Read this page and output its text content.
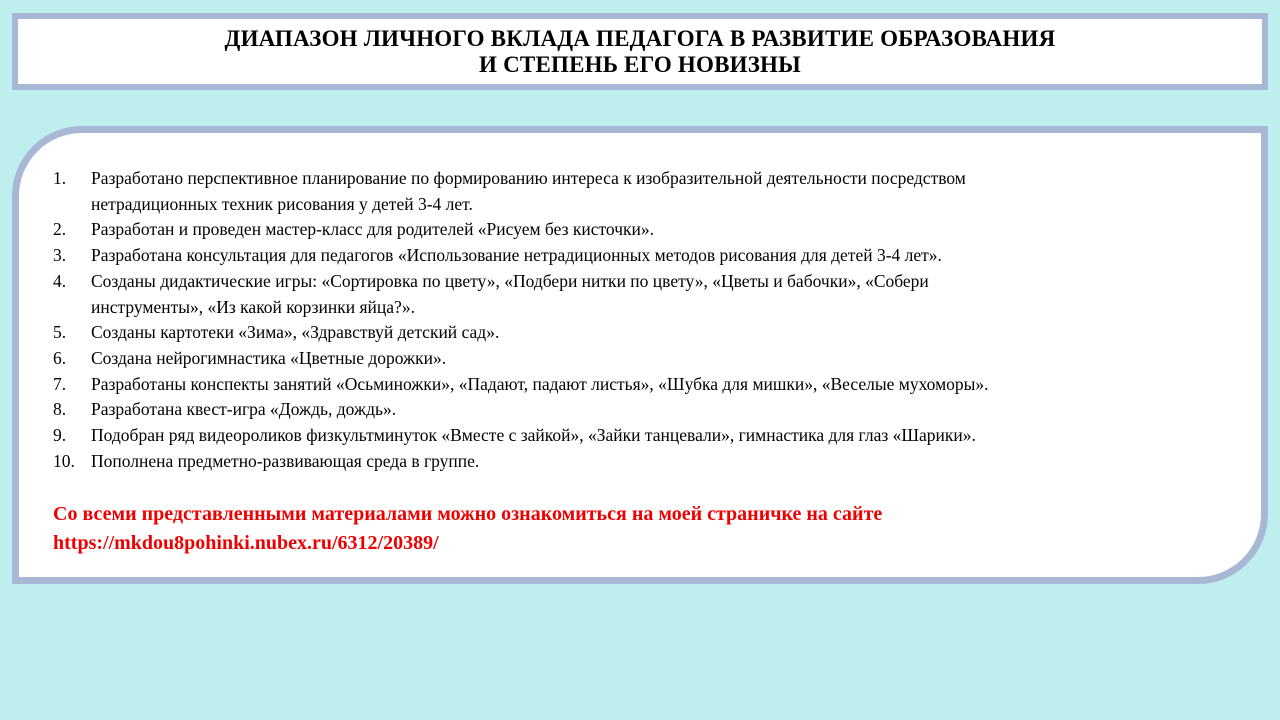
ДИАПАЗОН ЛИЧНОГО ВКЛАДА ПЕДАГОГА В РАЗВИТИЕ ОБРАЗОВАНИЯ
И СТЕПЕНЬ ЕГО НОВИЗНЫ
1. Разработано перспективное планирование по формированию интереса к изобразительной деятельности посредством
нетрадиционных техник рисования у детей 3-4 лет.
2. Разработан и проведен мастер-класс для родителей «Рисуем без кисточки».
3. Разработана консультация для педагогов «Использование нетрадиционных методов рисования для детей 3-4 лет».
4. Созданы дидактические игры: «Сортировка по цвету», «Подбери нитки по цвету», «Цветы и бабочки», «Собери
инструменты», «Из какой корзинки яйца?».
5. Созданы картотеки «Зима», «Здравствуй детский сад».
6. Создана нейрогимнастика «Цветные дорожки».
7. Разработаны конспекты занятий «Осьминожки», «Падают, падают листья», «Шубка для мишки», «Веселые мухоморы».
8. Разработана квест-игра «Дождь, дождь».
9. Подобран ряд видеороликов физкультминуток «Вместе с зайкой», «Зайки танцевали», гимнастика для глаз «Шарики».
10. Пополнена предметно-развивающая среда в группе.
Со всеми представленными материалами можно ознакомиться на моей страничке на сайте
https://mkdou8pohinki.nubex.ru/6312/20389/
